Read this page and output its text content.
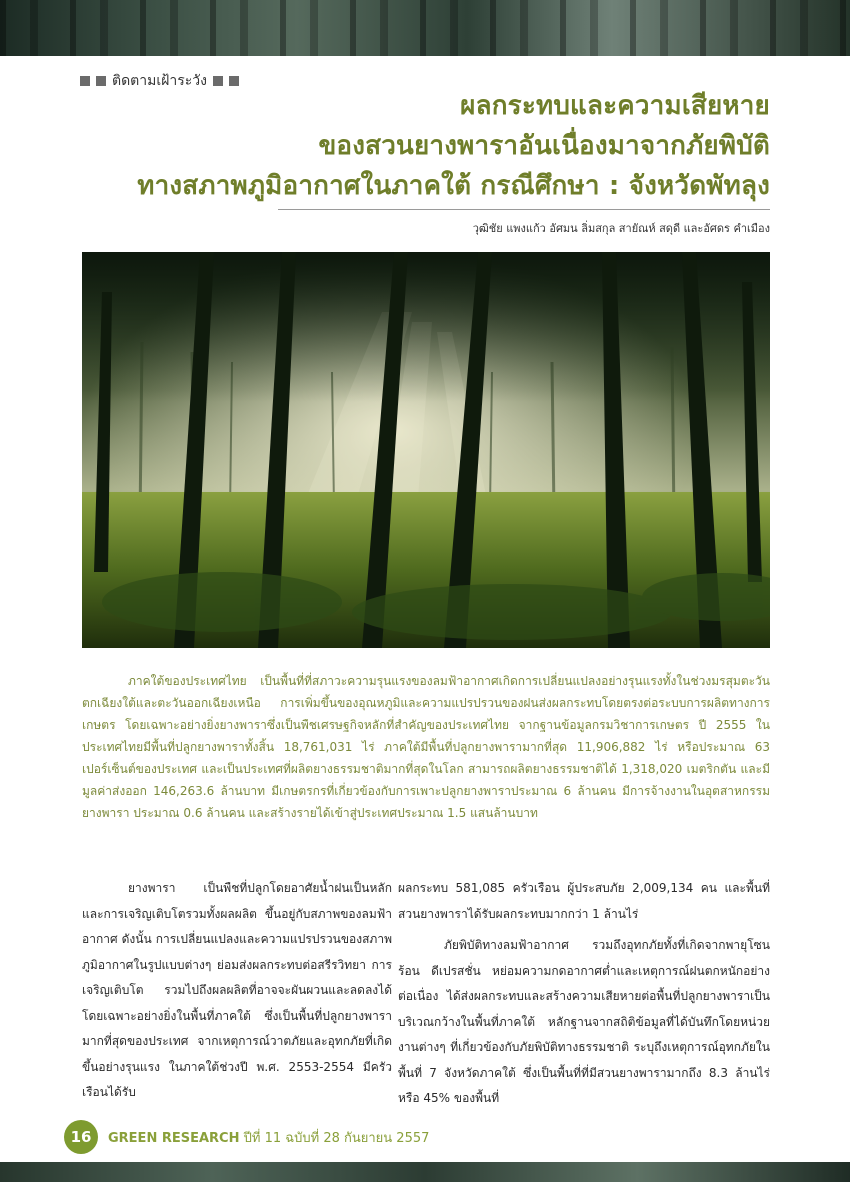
ติดตามเฝ้าระวัง
ผลกระทบและความเสียหาย
ของสวนยางพาราอันเนื่องมาจากภัยพิบัติ
ทางสภาพภูมิอากาศในภาคใต้ กรณีศึกษา : จังหวัดพัทลุง
วุฒิชัย แพงแก้ว อัศมน ลิ่มสกุล สายัณห์ สดุดี และอัศดร คำเมือง

ภาคใต้ของประเทศไทย เป็นพื้นที่ที่สภาวะความรุนแรงของลมฟ้าอากาศเกิดการเปลี่ยนแปลงอย่างรุนแรงทั้งในช่วงมรสุมตะวันตกเฉียงใต้และตะวันออกเฉียงเหนือ การเพิ่มขึ้นของอุณหภูมิและความแปรปรวนของฝนส่งผลกระทบโดยตรงต่อระบบการผลิตทางการเกษตร โดยเฉพาะอย่างยิ่งยางพาราซึ่งเป็นพืชเศรษฐกิจหลักที่สำคัญของประเทศไทย จากฐานข้อมูลกรมวิชาการเกษตร ปี 2555 ในประเทศไทยมีพื้นที่ปลูกยางพาราทั้งสิ้น 18,761,031 ไร่ ภาคใต้มีพื้นที่ปลูกยางพารามากที่สุด 11,906,882 ไร่ หรือประมาณ 63 เปอร์เซ็นต์ของประเทศ และเป็นประเทศที่ผลิตยางธรรมชาติมากที่สุดในโลก สามารถผลิตยางธรรมชาติได้ 1,318,020 เมตริกตัน และมีมูลค่าส่งออก 146,263.6 ล้านบาท มีเกษตรกรที่เกี่ยวข้องกับการเพาะปลูกยางพาราประมาณ 6 ล้านคน มีการจ้างงานในอุตสาหกรรมยางพารา ประมาณ 0.6 ล้านคน และสร้างรายได้เข้าสู่ประเทศประมาณ 1.5 แสนล้านบาท

ยางพารา เป็นพืชที่ปลูกโดยอาศัยน้ำฝนเป็นหลัก และการเจริญเติบโตรวมทั้งผลผลิต ขึ้นอยู่กับสภาพของลมฟ้าอากาศ ดังนั้น การเปลี่ยนแปลงและความแปรปรวนของสภาพภูมิอากาศในรูปแบบต่างๆ ย่อมส่งผลกระทบต่อสรีรวิทยา การเจริญเติบโต รวมไปถึงผลผลิตที่อาจจะผันผวนและลดลงได้ โดยเฉพาะอย่างยิ่งในพื้นที่ภาคใต้ ซึ่งเป็นพื้นที่ปลูกยางพารามากที่สุดของประเทศ จากเหตุการณ์วาตภัยและอุทกภัยที่เกิดขึ้นอย่างรุนแรง ในภาคใต้ช่วงปี พ.ศ. 2553-2554 มีครัวเรือนได้รับ

ผลกระทบ 581,085 ครัวเรือน ผู้ประสบภัย 2,009,134 คน และพื้นที่สวนยางพาราได้รับผลกระทบมากกว่า 1 ล้านไร่

ภัยพิบัติทางลมฟ้าอากาศ รวมถึงอุทกภัยทั้งที่เกิดจากพายุโซนร้อน ดีเปรสชั่น หย่อมความกดอากาศต่ำและเหตุการณ์ฝนตกหนักอย่างต่อเนื่อง ได้ส่งผลกระทบและสร้างความเสียหายต่อพื้นที่ปลูกยางพาราเป็นบริเวณกว้างในพื้นที่ภาคใต้ หลักฐานจากสถิติข้อมูลที่ได้บันทึกโดยหน่วยงานต่างๆ ที่เกี่ยวข้องกับภัยพิบัติทางธรรมชาติ ระบุถึงเหตุการณ์อุทกภัยในพื้นที่ 7 จังหวัดภาคใต้ ซึ่งเป็นพื้นที่ที่มีสวนยางพารามากถึง 8.3 ล้านไร่ หรือ 45% ของพื้นที่

16	GREEN RESEARCH ปีที่ 11 ฉบับที่ 28 กันยายน 2557
